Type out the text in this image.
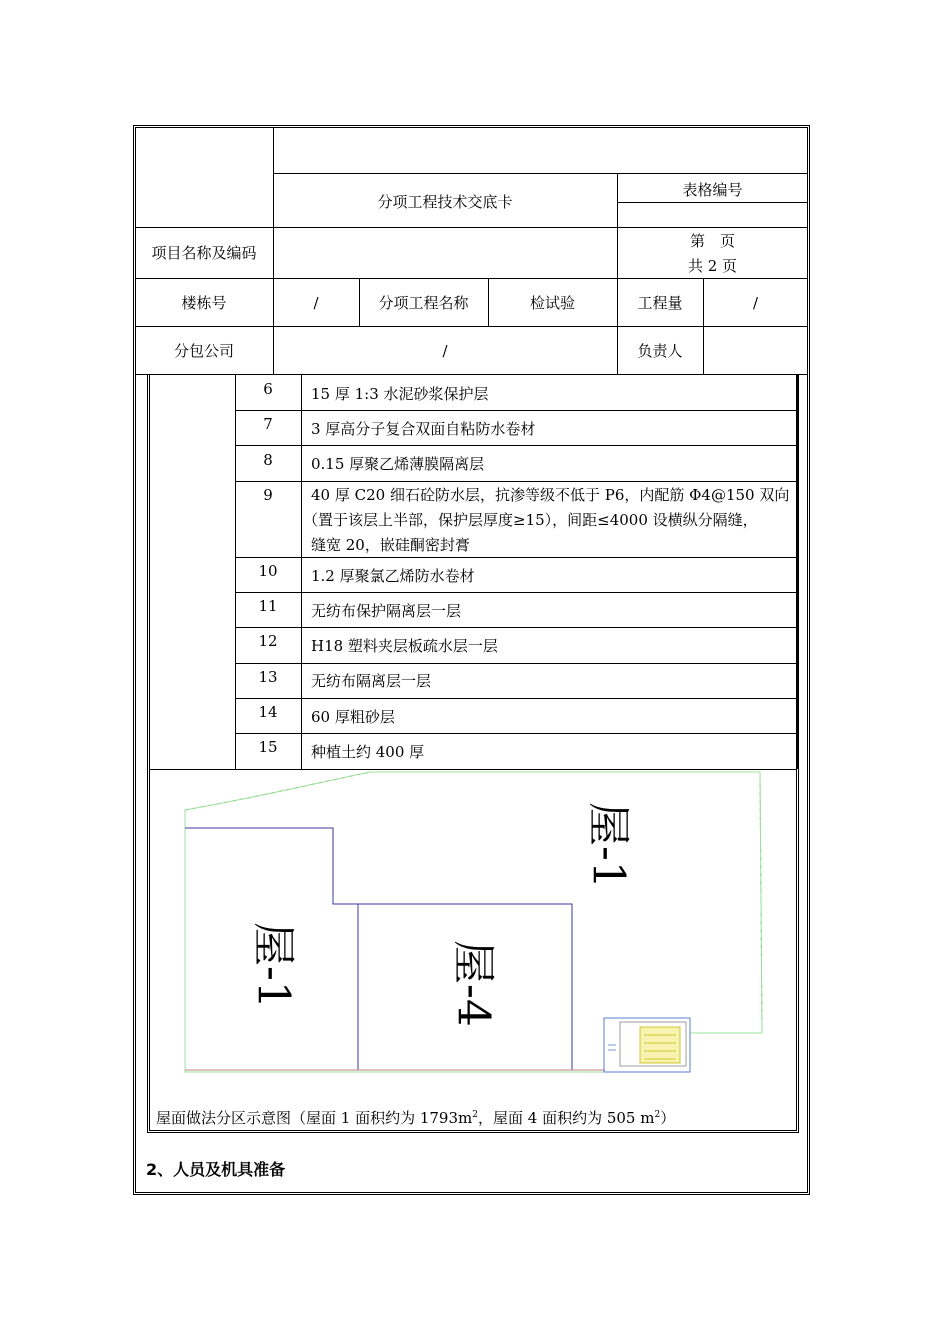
分项工程技术交底卡
表格编号
项目名称及编码
第　页
共 2 页
楼栋号	/	分项工程名称	检试验	工程量	/
分包公司	/	负责人
6	15 厚 1:3 水泥砂浆保护层
7	3 厚高分子复合双面自粘防水卷材
8	0.15 厚聚乙烯薄膜隔离层
9	40 厚 C20 细石砼防水层，抗渗等级不低于 P6，内配筋 Φ4@150 双向
（置于该层上半部，保护层厚度≥15），间距≤4000 设横纵分隔缝，
缝宽 20，嵌硅酮密封膏
10	1.2 厚聚氯乙烯防水卷材
11	无纺布保护隔离层一层
12	H18 塑料夹层板疏水层一层
13	无纺布隔离层一层
14	60 厚粗砂层
15	种植土约 400 厚
屋-1
屋-1	屋-4
屋面做法分区示意图（屋面 1 面积约为 $1793m^2$，屋面 4 面积约为 505 $m^2$）
2、人员及机具准备
